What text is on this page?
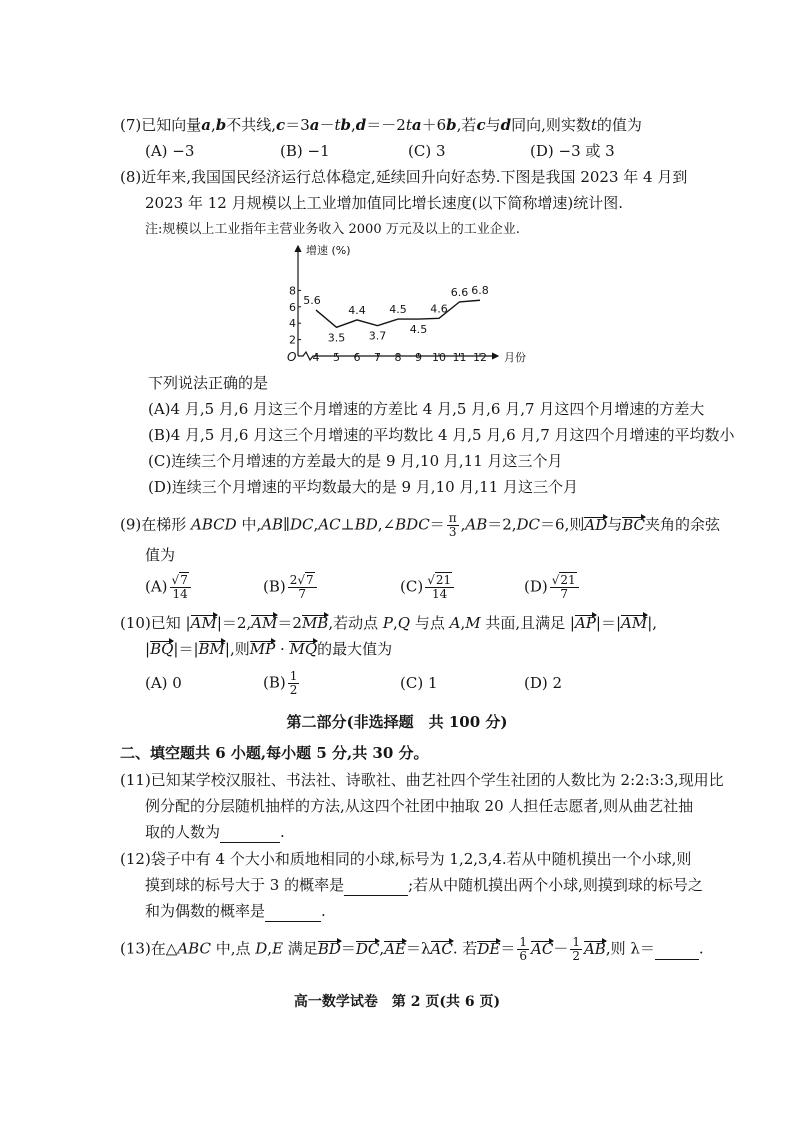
(7)已知向量a,b不共线,c＝3a－tb,d＝－2ta＋6b,若c与d同向,则实数t的值为
(A) −3	(B) −1	(C) 3	(D) −3 或 3
(8)近年来,我国国民经济运行总体稳定,延续回升向好态势.下图是我国 2023 年 4 月到
2023 年 12 月规模以上工业增加值同比增长速度(以下简称增速)统计图.
注:规模以上工业指年主营业务收入 2000 万元及以上的工业企业.
2
4
6
8
4 5 6 7 8 9 10 11 12
增速 (%)
月份
O
5.6
3.5
4.4
3.7
4.5
4.5
4.6
6.6 6.8
下列说法正确的是
(A)4 月,5 月,6 月这三个月增速的方差比 4 月,5 月,6 月,7 月这四个月增速的方差大
(B)4 月,5 月,6 月这三个月增速的平均数比 4 月,5 月,6 月,7 月这四个月增速的平均数小
(C)连续三个月增速的方差最大的是 9 月,10 月,11 月这三个月
(D)连续三个月增速的平均数最大的是 9 月,10 月,11 月这三个月
(9)在梯形 ABCD 中,AB∥DC,AC⊥BD,∠BDC＝ $\frac{\pi}{3} ,AB=2,DC=6$,则AD与BC夹角的余弦
值为
$(A) \frac{√7}{14}$	$(B) \frac{2√7}{7}$	$(C) \frac{√21}{14}$	$(D) \frac{√21}{7}$
(10)已知 |AM|＝2,AM＝2MB,若动点 P,Q 与点 A,M 共面,且满足 |AP|＝|AM|,
|BQ|＝|BM|,则MP · MQ的最大值为
(A) 0	$(B) \frac{1}{2}$	(C) 1	(D) 2
第二部分(非选择题　共 100 分)
二、填空题共 6 小题,每小题 5 分,共 30 分。
(11)已知某学校汉服社、书法社、诗歌社、曲艺社四个学生社团的人数比为 2:2:3:3,现用比
例分配的分层随机抽样的方法,从这四个社团中抽取 20 人担任志愿者,则从曲艺社抽
取的人数为	.
(12)袋子中有 4 个大小和质地相同的小球,标号为 1,2,3,4.若从中随机摸出一个小球,则
摸到球的标号大于 3 的概率是	;若从中随机摸出两个小球,则摸到球的标号之
和为偶数的概率是	.
(13)在△ABC 中,点 D,E 满足BD＝DC,AE＝λAC. 若$DE= \frac{1}{6} AC- \frac{1}{2}$ AB,则 λ＝	.
高一数学试卷　第 2 页(共 6 页)
